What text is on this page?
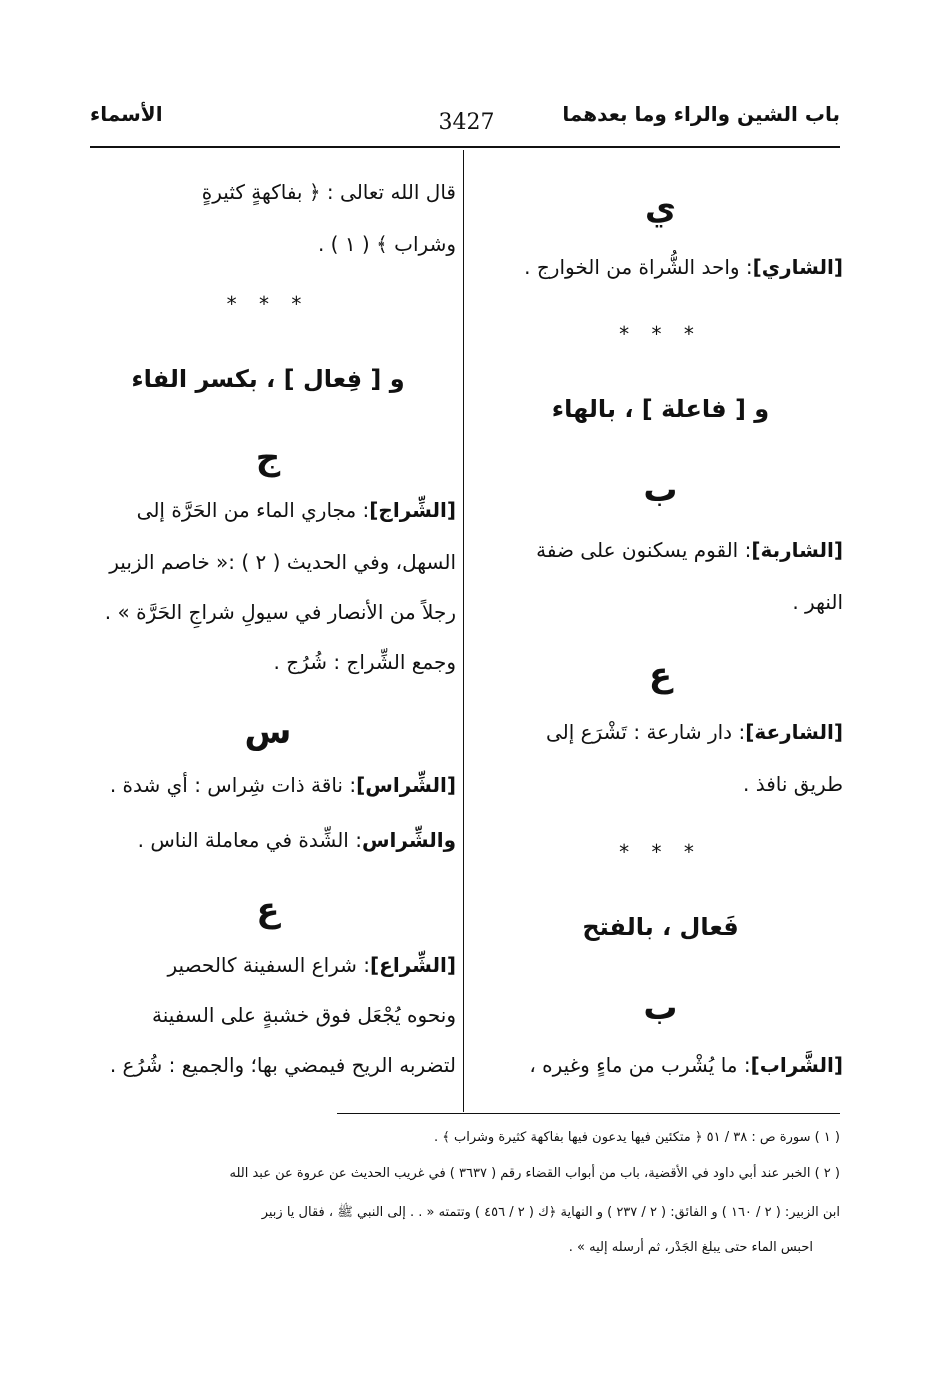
باب الشين والراء وما بعدهما
3427
الأسماء
ي
[الشاري]: واحد الشُّراة من الخوارج .
* * *
و [ فاعلة ] ، بالهاء
ب
[الشاربة]: القوم يسكنون على ضفة
النهر .
ع
[الشارعة]: دار شارعة : تَشْرَع إلى
طريق نافذ .
* * *
فَعال ، بالفتح
ب
[الشَّراب]: ما يُشْرب من ماءٍ وغيره ،
قال الله تعالى : ﴿ بفاكهةٍ كثيرةٍ
وشراب ﴾ ( ١ ) .
* * *
و [ فِعال ] ، بكسر الفاء
ج
[الشِّراج]: مجاري الماء من الحَرَّة إلى
السهل، وفي الحديث ( ٢ ) :« خاصم الزبير
رجلاً من الأنصار في سيولِ شراجِ الحَرَّة » .
وجمع الشِّراج : شُرُج .
س
[الشِّراس]: ناقة ذات شِراس : أي شدة .
والشِّراس: الشِّدة في معاملة الناس .
ع
[الشِّراع]: شراع السفينة كالحصير
ونحوه يُجْعَل فوق خشبةٍ على السفينة
لتضربه الريح فيمضي بها؛ والجميع : شُرُع .
( ١ ) سورة ص : ٣٨ / ٥١ ﴿ متكئين فيها يدعون فيها بفاكهة كثيرة وشراب ﴾ .
( ٢ ) الخبر عند أبي داود في الأقضية، باب من أبواب القضاء رقم ( ٣٦٣٧ ) في غريب الحديث عن عروة عن عبد الله
ابن الزبير: ( ٢ / ١٦٠ ) و الفائق: ( ٢ / ٢٣٧ ) و النهاية ﴿ك ( ٢ / ٤٥٦ ) وتتمته « . . إلى النبي ﷺ ، فقال يا زبير
احبس الماء حتى يبلغ الجَدْر، ثم أرسله إليه » .
